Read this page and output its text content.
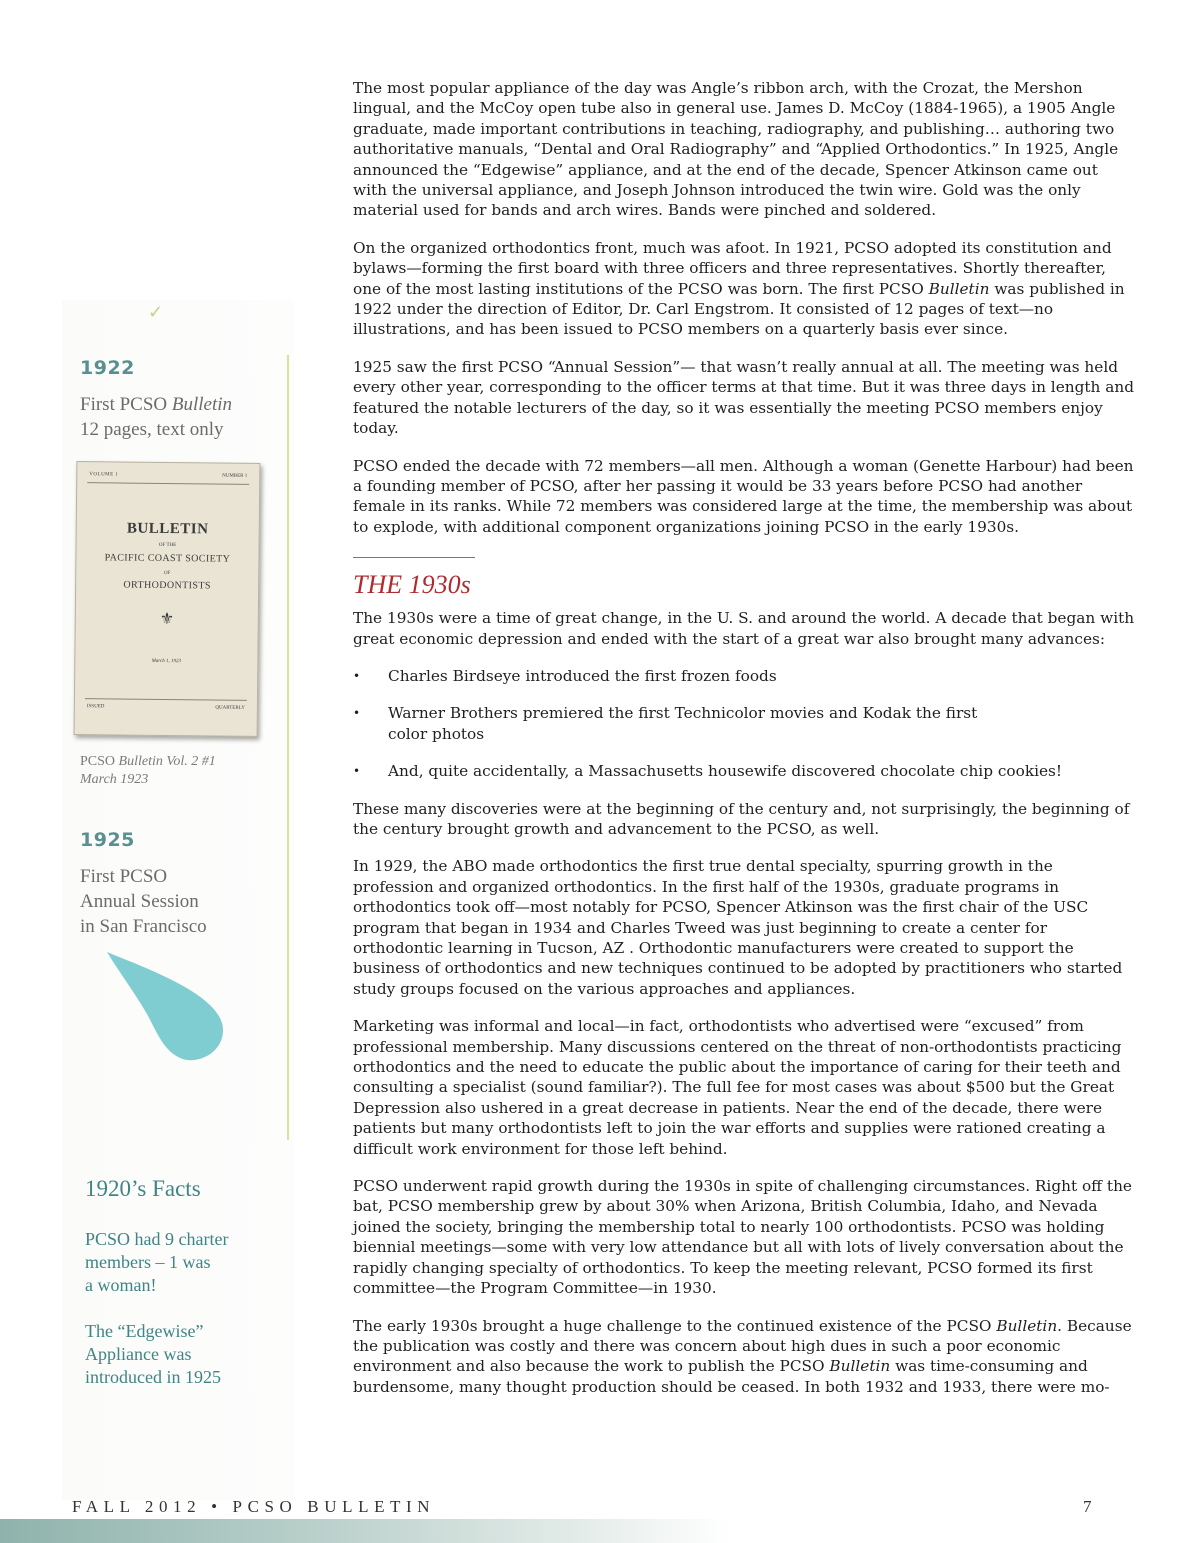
✓
1922
First PCSO Bulletin
12 pages, text only
VOLUME 1	NUMBER 1
BULLETIN
OF THE
PACIFIC COAST SOCIETY
OF
ORTHODONTISTS
⚜
March 1, 1923
ISSUED	QUARTERLY
PCSO Bulletin Vol. 2 #1
March 1923
1925
First PCSO
Annual Session
in San Francisco
1920’s Facts
PCSO had 9 charter
members – 1 was
a woman!
The “Edgewise”
Appliance was
introduced in 1925

The most popular appliance of the day was Angle’s ribbon arch, with the Crozat, the Mershon lingual, and the McCoy open tube also in general use. James D. McCoy (1884-1965), a 1905 Angle graduate, made important contributions in teaching, radiography, and publishing… authoring two authoritative manuals, “Dental and Oral Radiography” and “Applied Orthodontics.” In 1925, Angle announced the “Edgewise” appliance, and at the end of the decade, Spencer Atkinson came out with the universal appliance, and Joseph Johnson introduced the twin wire. Gold was the only material used for bands and arch wires. Bands were pinched and soldered.

On the organized orthodontics front, much was afoot. In 1921, PCSO adopted its constitution and bylaws—forming the first board with three officers and three representatives. Shortly thereafter, one of the most lasting institutions of the PCSO was born. The first PCSO Bulletin was published in 1922 under the direction of Editor, Dr. Carl Engstrom. It consisted of 12 pages of text—no illustrations, and has been issued to PCSO members on a quarterly basis ever since.

1925 saw the first PCSO “Annual Session”— that wasn’t really annual at all. The meeting was held every other year, corresponding to the officer terms at that time. But it was three days in length and featured the notable lecturers of the day, so it was essentially the meeting PCSO members enjoy today.

PCSO ended the decade with 72 members—all men. Although a woman (Genette Harbour) had been a founding member of PCSO, after her passing it would be 33 years before PCSO had another female in its ranks. While 72 members was considered large at the time, the membership was about to explode, with additional component organizations joining PCSO in the early 1930s.

THE 1930s

The 1930s were a time of great change, in the U. S. and around the world. A decade that began with great economic depression and ended with the start of a great war also brought many advances:

• Charles Birdseye introduced the first frozen foods
• Warner Brothers premiered the first Technicolor movies and Kodak the first color photos
• And, quite accidentally, a Massachusetts housewife discovered chocolate chip cookies!

These many discoveries were at the beginning of the century and, not surprisingly, the beginning of the century brought growth and advancement to the PCSO, as well.

In 1929, the ABO made orthodontics the first true dental specialty, spurring growth in the profession and organized orthodontics. In the first half of the 1930s, graduate programs in orthodontics took off—most notably for PCSO, Spencer Atkinson was the first chair of the USC program that began in 1934 and Charles Tweed was just beginning to create a center for orthodontic learning in Tucson, AZ . Orthodontic manufacturers were created to support the business of orthodontics and new techniques continued to be adopted by practitioners who started study groups focused on the various approaches and appliances.

Marketing was informal and local—in fact, orthodontists who advertised were “excused” from professional membership. Many discussions centered on the threat of non-orthodontists practicing orthodontics and the need to educate the public about the importance of caring for their teeth and consulting a specialist (sound familiar?). The full fee for most cases was about $500 but the Great Depression also ushered in a great decrease in patients. Near the end of the decade, there were patients but many orthodontists left to join the war efforts and supplies were rationed creating a difficult work environment for those left behind.

PCSO underwent rapid growth during the 1930s in spite of challenging circumstances. Right off the bat, PCSO membership grew by about 30% when Arizona, British Columbia, Idaho, and Nevada joined the society, bringing the membership total to nearly 100 orthodontists. PCSO was holding biennial meetings—some with very low attendance but all with lots of lively conversation about the rapidly changing specialty of orthodontics. To keep the meeting relevant, PCSO formed its first committee—the Program Committee—in 1930.

The early 1930s brought a huge challenge to the continued existence of the PCSO Bulletin. Because the publication was costly and there was concern about high dues in such a poor economic environment and also because the work to publish the PCSO Bulletin was time-consuming and burdensome, many thought production should be ceased. In both 1932 and 1933, there were mo-

FALL 2012 • PCSO BULLETIN	7
